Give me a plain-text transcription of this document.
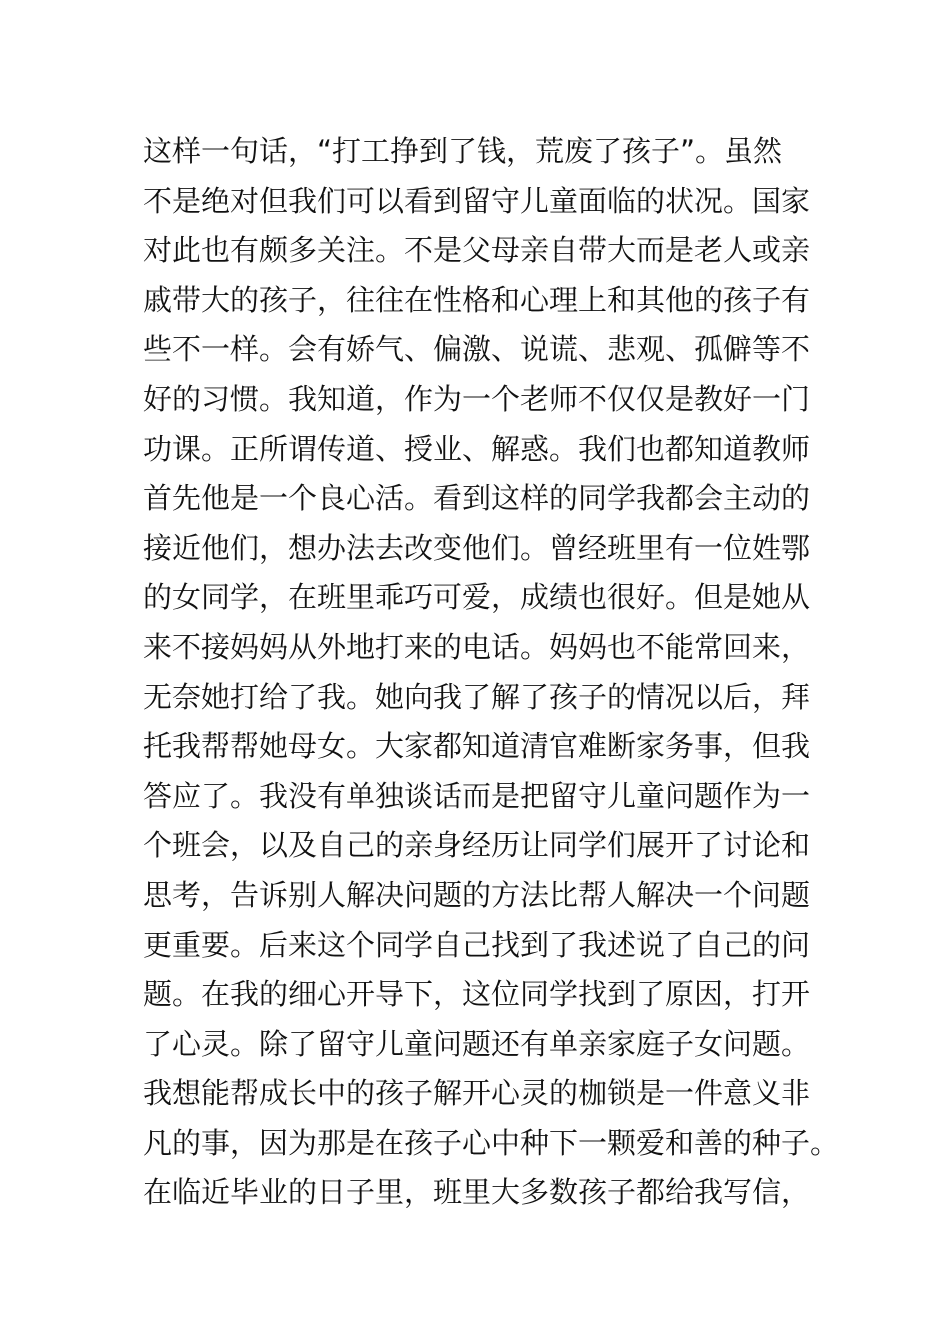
这样一句话，“打工挣到了钱，荒废了孩子”。虽然
不是绝对但我们可以看到留守儿童面临的状况。国家
对此也有颇多关注。不是父母亲自带大而是老人或亲
戚带大的孩子，往往在性格和心理上和其他的孩子有
些不一样。会有娇气、偏激、说谎、悲观、孤僻等不
好的习惯。我知道，作为一个老师不仅仅是教好一门
功课。正所谓传道、授业、解惑。我们也都知道教师
首先他是一个良心活。看到这样的同学我都会主动的
接近他们，想办法去改变他们。曾经班里有一位姓鄂
的女同学，在班里乖巧可爱，成绩也很好。但是她从
来不接妈妈从外地打来的电话。妈妈也不能常回来，
无奈她打给了我。她向我了解了孩子的情况以后，拜
托我帮帮她母女。大家都知道清官难断家务事，但我
答应了。我没有单独谈话而是把留守儿童问题作为一
个班会，以及自己的亲身经历让同学们展开了讨论和
思考，告诉别人解决问题的方法比帮人解决一个问题
更重要。后来这个同学自己找到了我述说了自己的问
题。在我的细心开导下，这位同学找到了原因，打开
了心灵。除了留守儿童问题还有单亲家庭子女问题。
我想能帮成长中的孩子解开心灵的枷锁是一件意义非
凡的事，因为那是在孩子心中种下一颗爱和善的种子。
在临近毕业的日子里，班里大多数孩子都给我写信，
